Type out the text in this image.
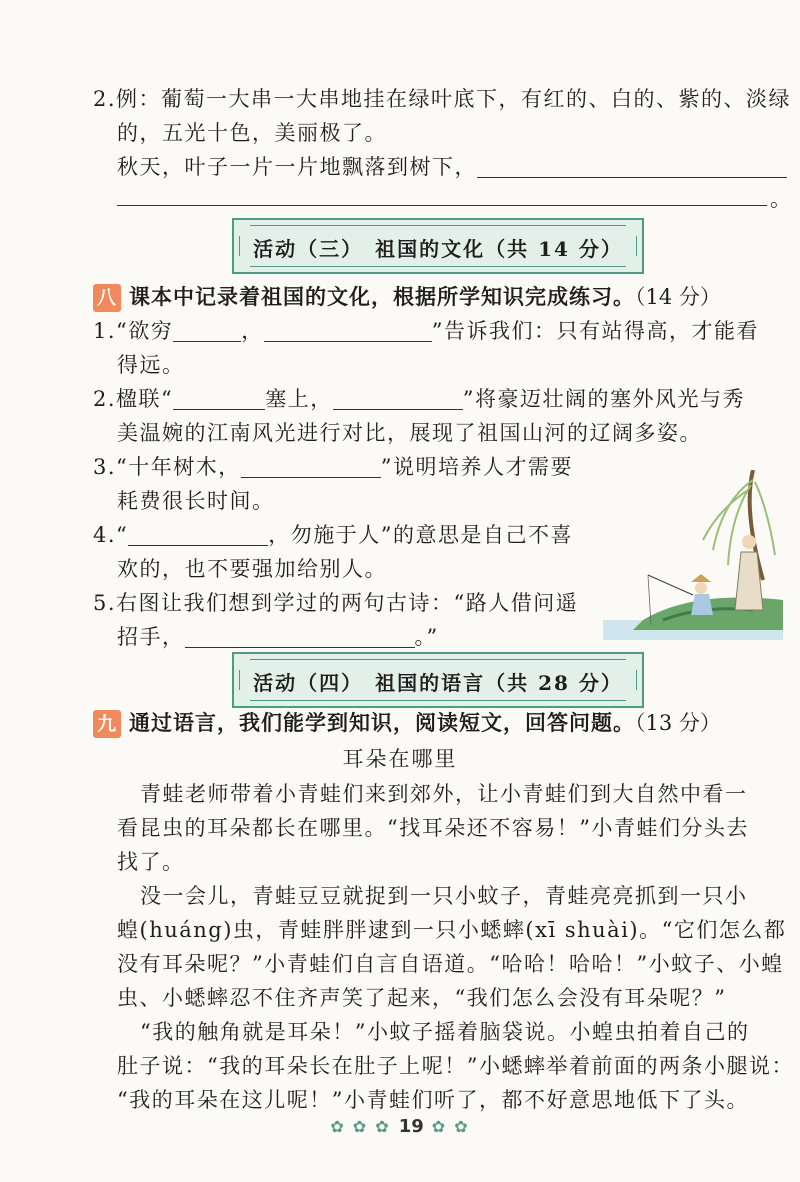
2.例：葡萄一大串一大串地挂在绿叶底下，有红的、白的、紫的、淡绿
的，五光十色，美丽极了。
秋天，叶子一片一片地飘落到树下，
。
活动（三）　祖国的文化（共 14 分）
八 课本中记录着祖国的文化，根据所学知识完成练习。（14 分）
1.“欲穷	，	”告诉我们：只有站得高，才能看
得远。
2.楹联“	塞上，	”将豪迈壮阔的塞外风光与秀
美温婉的江南风光进行对比，展现了祖国山河的辽阔多姿。
3.“十年树木，	”说明培养人才需要
耗费很长时间。
4.“	，勿施于人”的意思是自己不喜
欢的，也不要强加给别人。
5.右图让我们想到学过的两句古诗：“路人借问遥
招手，	。”
活动（四）　祖国的语言（共 28 分）
九 通过语言，我们能学到知识，阅读短文，回答问题。（13 分）
耳朵在哪里
青蛙老师带着小青蛙们来到郊外，让小青蛙们到大自然中看一
看昆虫的耳朵都长在哪里。“找耳朵还不容易！”小青蛙们分头去
找了。
没一会儿，青蛙豆豆就捉到一只小蚊子，青蛙亮亮抓到一只小
蝗(huáng)虫，青蛙胖胖逮到一只小蟋蟀(xī shuài)。“它们怎么都
没有耳朵呢？”小青蛙们自言自语道。“哈哈！哈哈！”小蚊子、小蝗
虫、小蟋蟀忍不住齐声笑了起来，“我们怎么会没有耳朵呢？”
“我的触角就是耳朵！”小蚊子摇着脑袋说。小蝗虫拍着自己的
肚子说：“我的耳朵长在肚子上呢！”小蟋蟀举着前面的两条小腿说：
“我的耳朵在这儿呢！”小青蛙们听了，都不好意思地低下了头。
✿ ✿ ✿ 19 ✿ ✿
